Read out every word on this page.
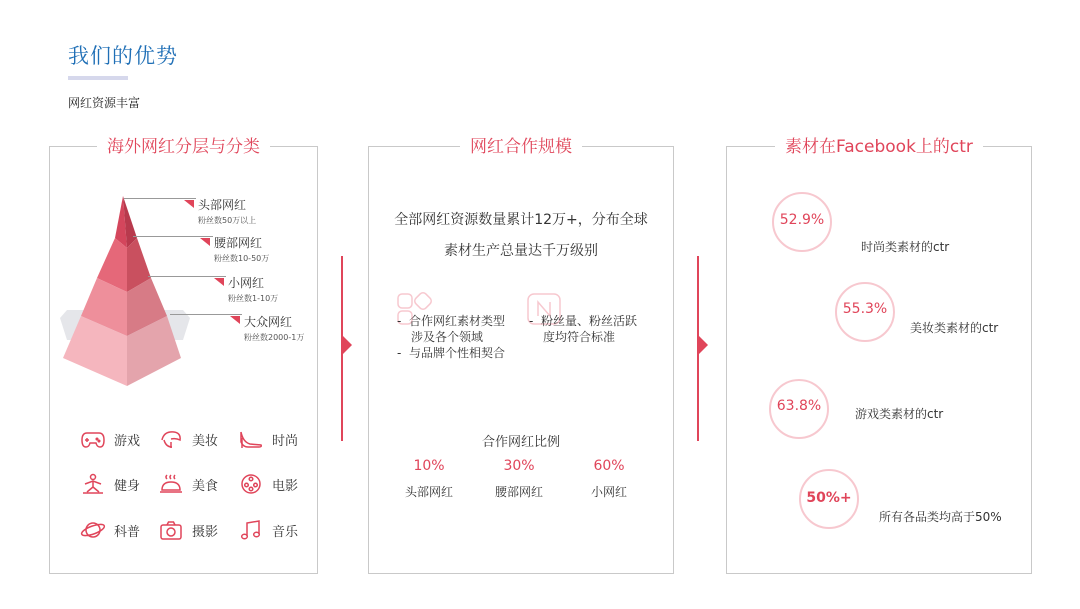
我们的优势
网红资源丰富
海外网红分层与分类
头部网红
粉丝数50万以上
腰部网红
粉丝数10-50万
小网红
粉丝数1-10万
大众网红
粉丝数2000-1万
游戏	美妆	时尚
健身	美食	电影
科普	摄影	音乐
网红合作规模
全部网红资源数量累计12万+，分布全球
素材生产总量达千万级别
-  合作网红素材类型
涉及各个领域
-  与品牌个性相契合
-  粉丝量、粉丝活跃
度均符合标准
合作网红比例
10%
头部网红
30%
腰部网红
60%
小网红
素材在Facebook上的ctr
52.9%
时尚类素材的ctr
55.3%
美妆类素材的ctr
63.8%	游戏类素材的ctr
50%+
所有各品类均高于50%
